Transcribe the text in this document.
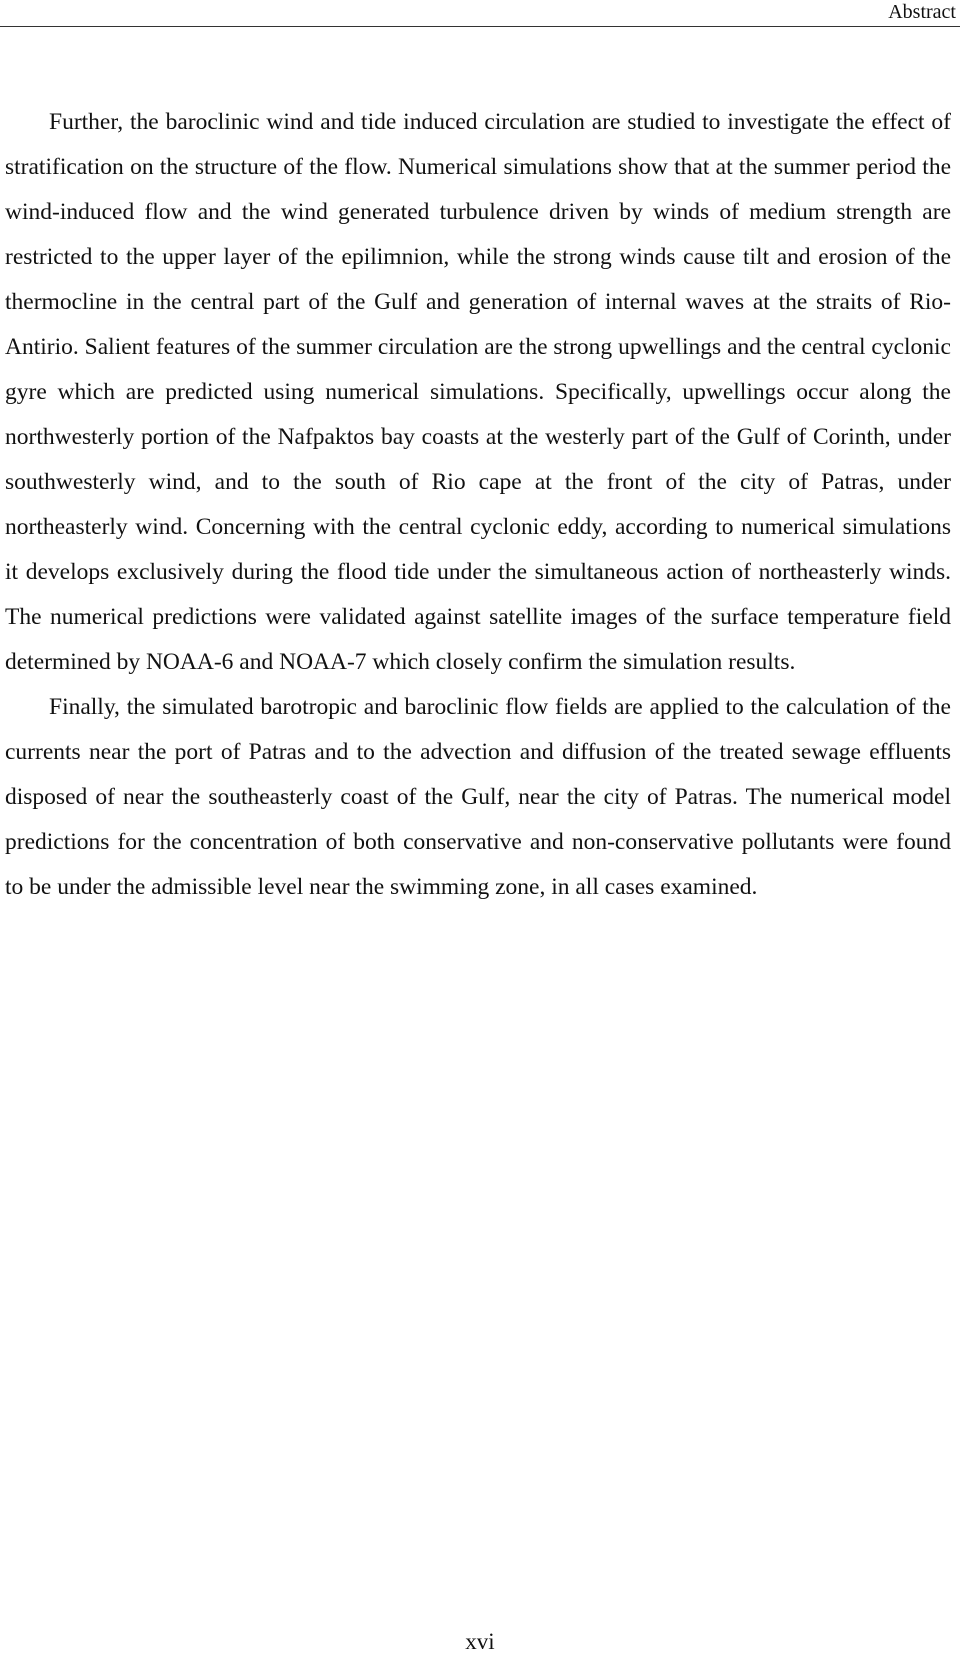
Abstract

Further, the baroclinic wind and tide induced circulation are studied to investigate the effect of stratification on the structure of the flow. Numerical simulations show that at the summer period the wind-induced flow and the wind generated turbulence driven by winds of medium strength are restricted to the upper layer of the epilimnion, while the strong winds cause tilt and erosion of the thermocline in the central part of the Gulf and generation of internal waves at the straits of Rio-Antirio. Salient features of the summer circulation are the strong upwellings and the central cyclonic gyre which are predicted using numerical simulations. Specifically, upwellings occur along the northwesterly portion of the Nafpaktos bay coasts at the westerly part of the Gulf of Corinth, under southwesterly wind, and to the south of Rio cape at the front of the city of Patras, under northeasterly wind. Concerning with the central cyclonic eddy, according to numerical simulations it develops exclusively during the flood tide under the simultaneous action of northeasterly winds. The numerical predictions were validated against satellite images of the surface temperature field determined by NOAA-6 and NOAA-7 which closely confirm the simulation results.

Finally, the simulated barotropic and baroclinic flow fields are applied to the calculation of the currents near the port of Patras and to the advection and diffusion of the treated sewage effluents disposed of near the southeasterly coast of the Gulf, near the city of Patras. The numerical model predictions for the concentration of both conservative and non-conservative pollutants were found to be under the admissible level near the swimming zone, in all cases examined.

xvi
